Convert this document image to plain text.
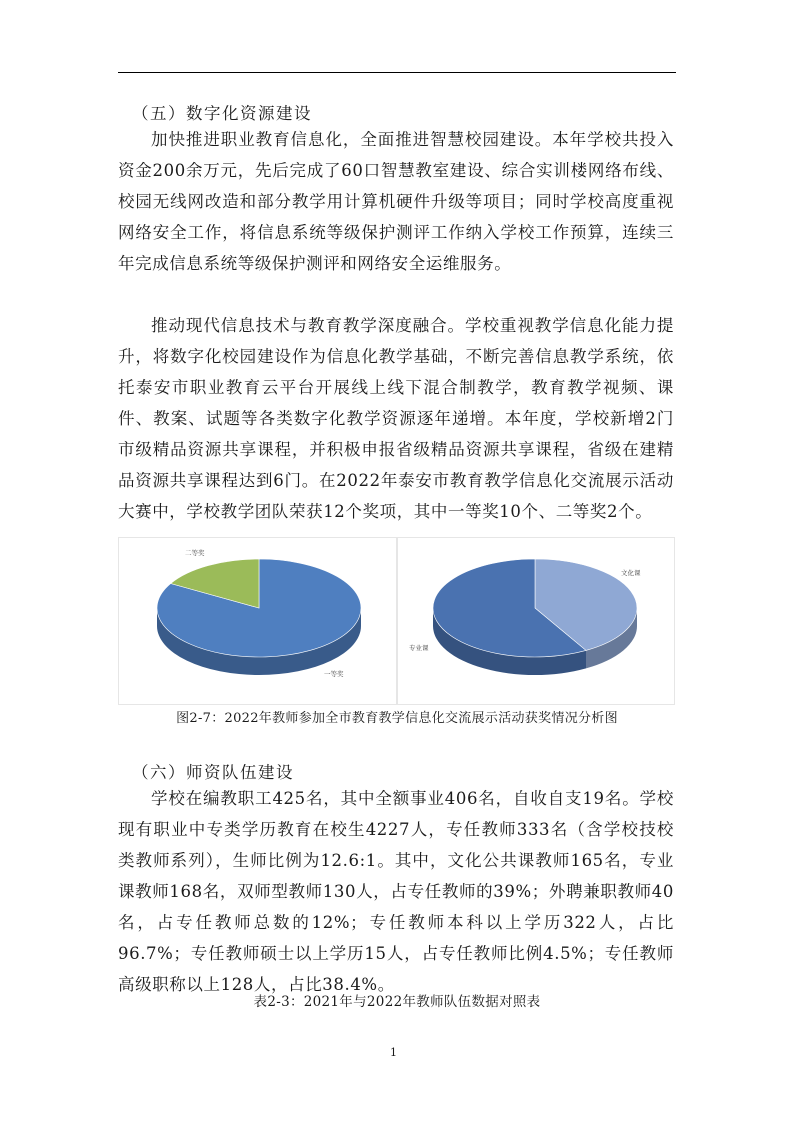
（五）数字化资源建设

加快推进职业教育信息化，全面推进智慧校园建设。本年学校共投入资金200余万元，先后完成了60口智慧教室建设、综合实训楼网络布线、校园无线网改造和部分教学用计算机硬件升级等项目；同时学校高度重视网络安全工作，将信息系统等级保护测评工作纳入学校工作预算，连续三年完成信息系统等级保护测评和网络安全运维服务。

推动现代信息技术与教育教学深度融合。学校重视教学信息化能力提升，将数字化校园建设作为信息化教学基础，不断完善信息教学系统，依托泰安市职业教育云平台开展线上线下混合制教学，教育教学视频、课件、教案、试题等各类数字化教学资源逐年递增。本年度，学校新增2门市级精品资源共享课程，并积极申报省级精品资源共享课程，省级在建精品资源共享课程达到6门。在2022年泰安市教育教学信息化交流展示活动大赛中，学校教学团队荣获12个奖项，其中一等奖10个、二等奖2个。

一等奖
二等奖
文化课
专业课
图2-7：2022年教师参加全市教育教学信息化交流展示活动获奖情况分析图
（六）师资队伍建设

学校在编教职工425名，其中全额事业406名，自收自支19名。学校现有职业中专类学历教育在校生4227人，专任教师333名（含学校技校类教师系列），生师比例为12.6:1。其中，文化公共课教师165名，专业课教师168名，双师型教师130人，占专任教师的39%；外聘兼职教师40名，占专任教师总数的12%；专任教师本科以上学历322人，占比96.7%；专任教师硕士以上学历15人，占专任教师比例4.5%；专任教师高级职称以上128人，占比38.4%。

表2-3：2021年与2022年教师队伍数据对照表
1
